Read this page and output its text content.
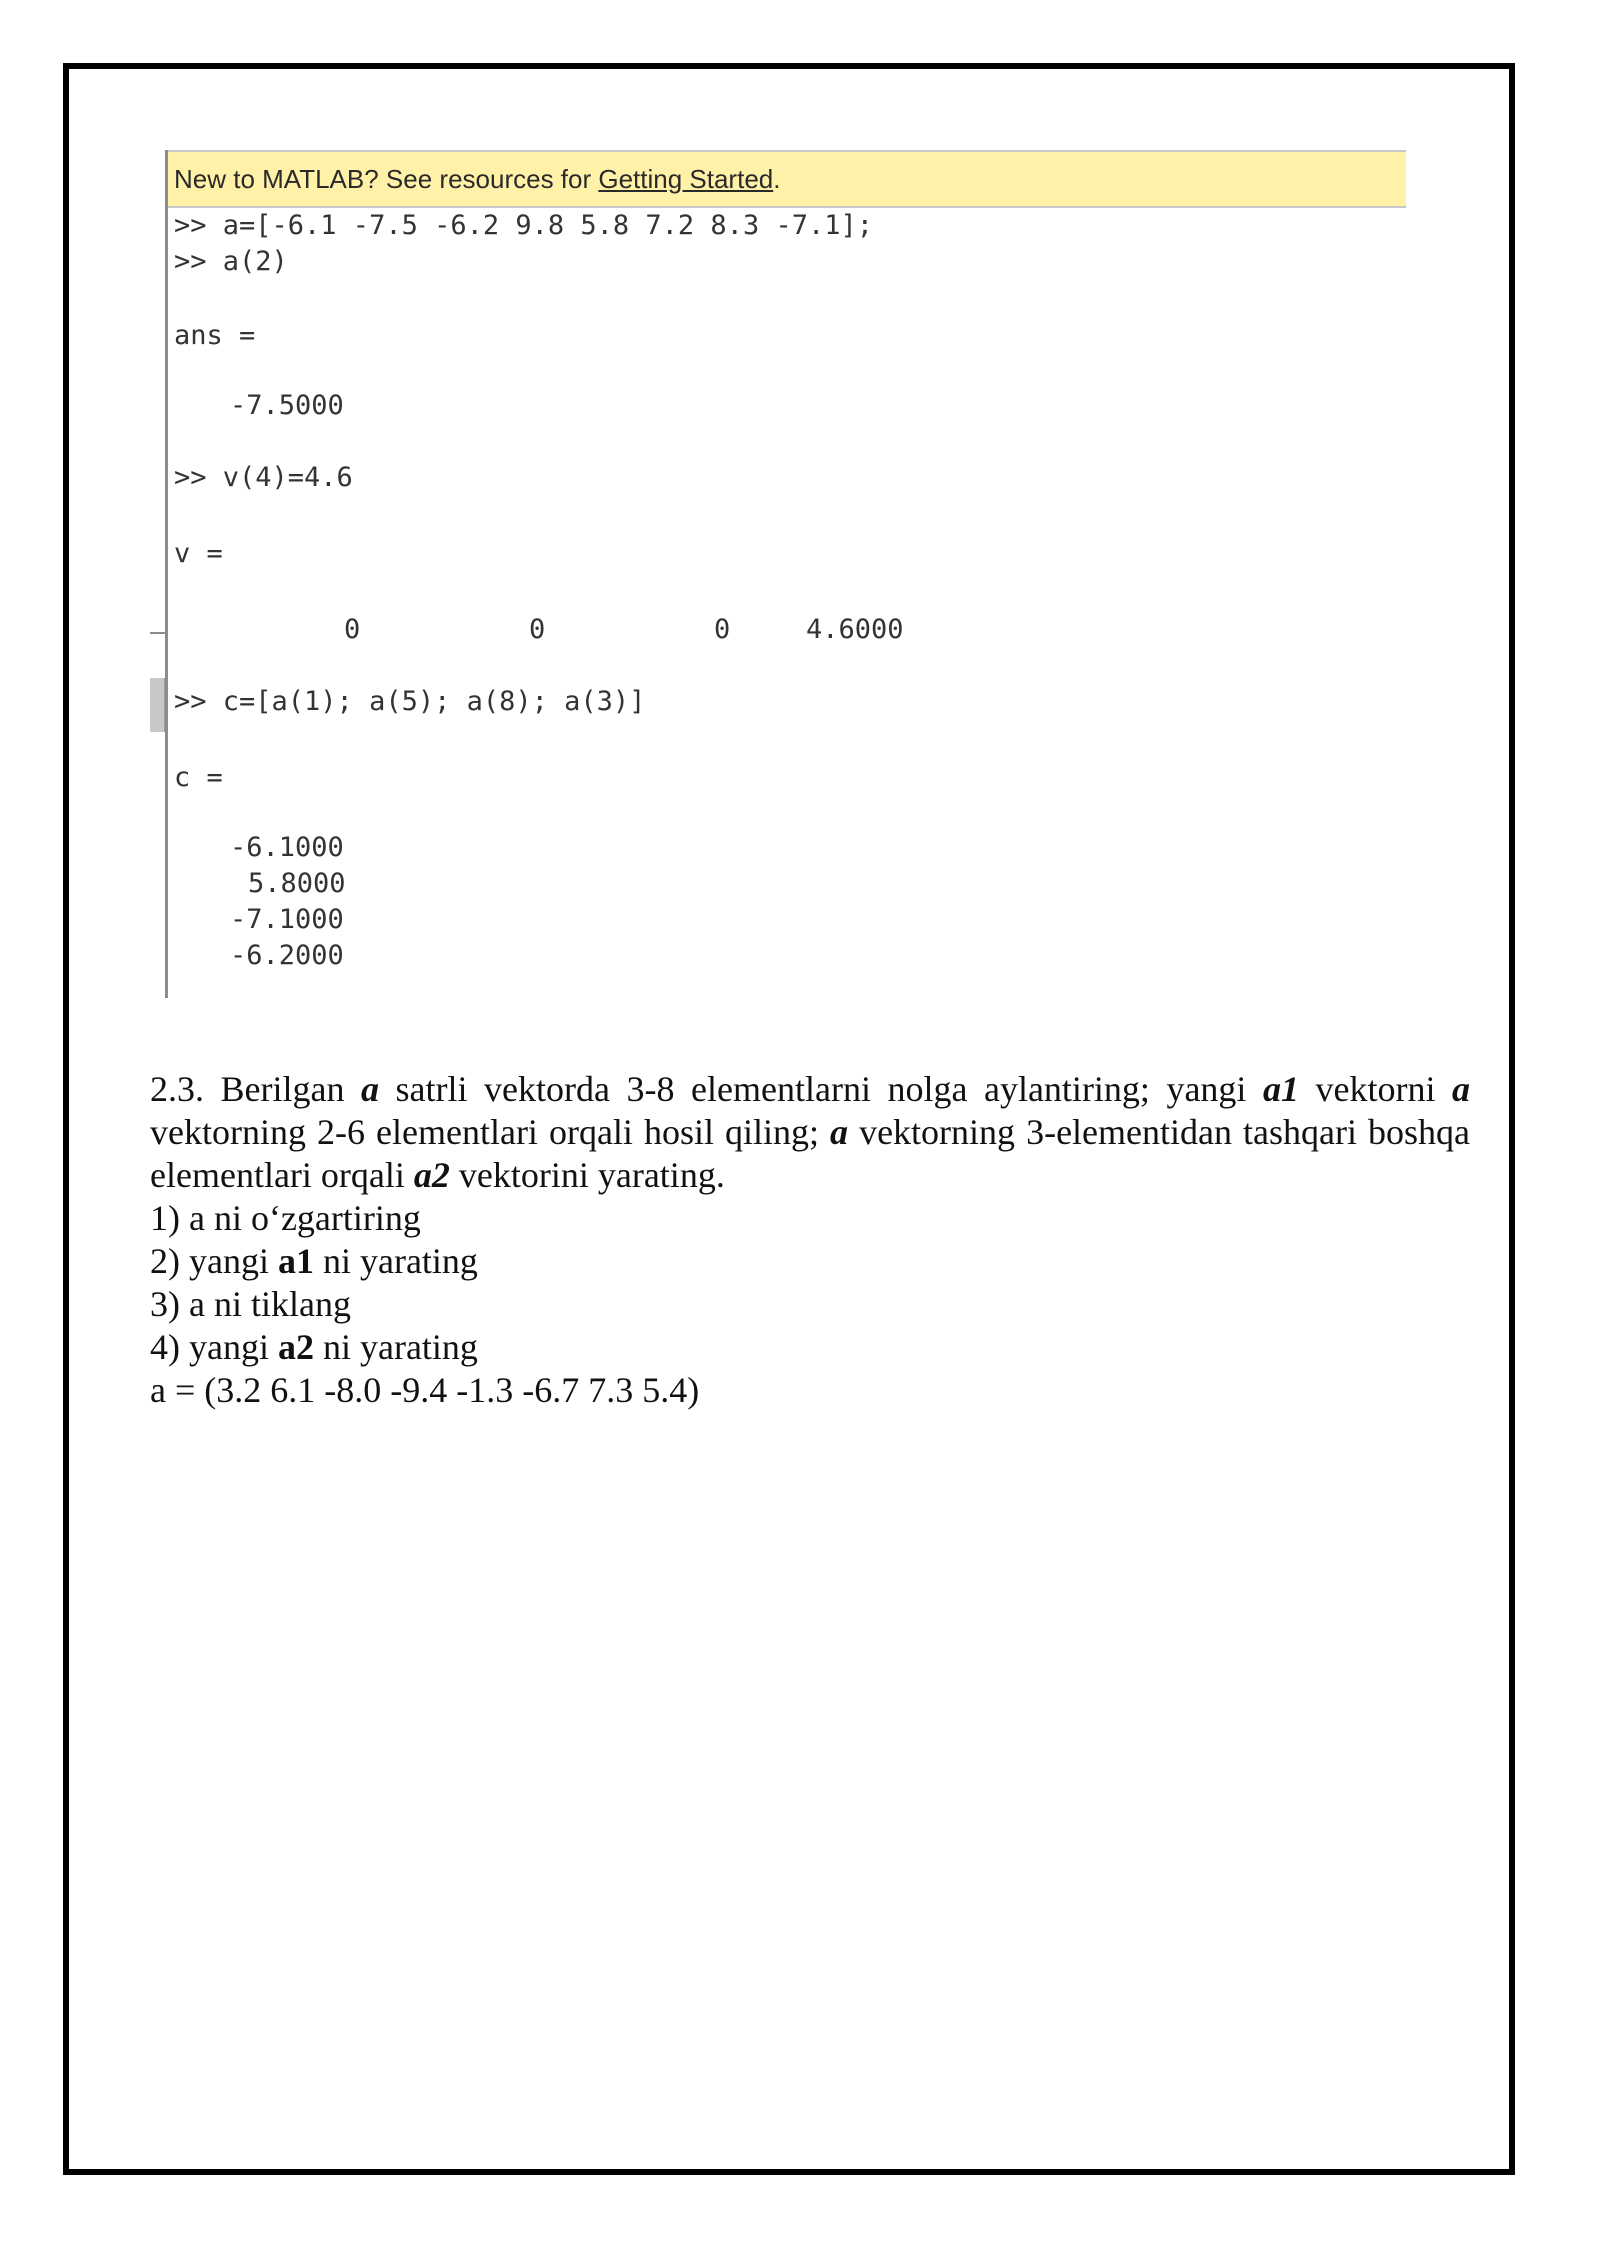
New to MATLAB? See resources for Getting Started.
>> a=[-6.1 -7.5 -6.2 9.8 5.8 7.2 8.3 -7.1];
>> a(2)
ans =
-7.5000
>> v(4)=4.6
v =
0	0	0	4.6000
>> c=[a(1); a(5); a(8); a(3)]
c =
-6.1000
5.8000
-7.1000
-6.2000

2.3. Berilgan a satrli vektorda 3-8 elementlarni nolga aylantiring; yangi a1 vektorni a vektorning 2-6 elementlari orqali hosil qiling; a vektorning 3-elementidan tashqari boshqa elementlari orqali a2 vektorini yarating.

1) a ni o‘zgartiring

2) yangi a1 ni yarating

3) a ni tiklang

4) yangi a2 ni yarating

a = (3.2 6.1 -8.0 -9.4 -1.3 -6.7 7.3 5.4)
